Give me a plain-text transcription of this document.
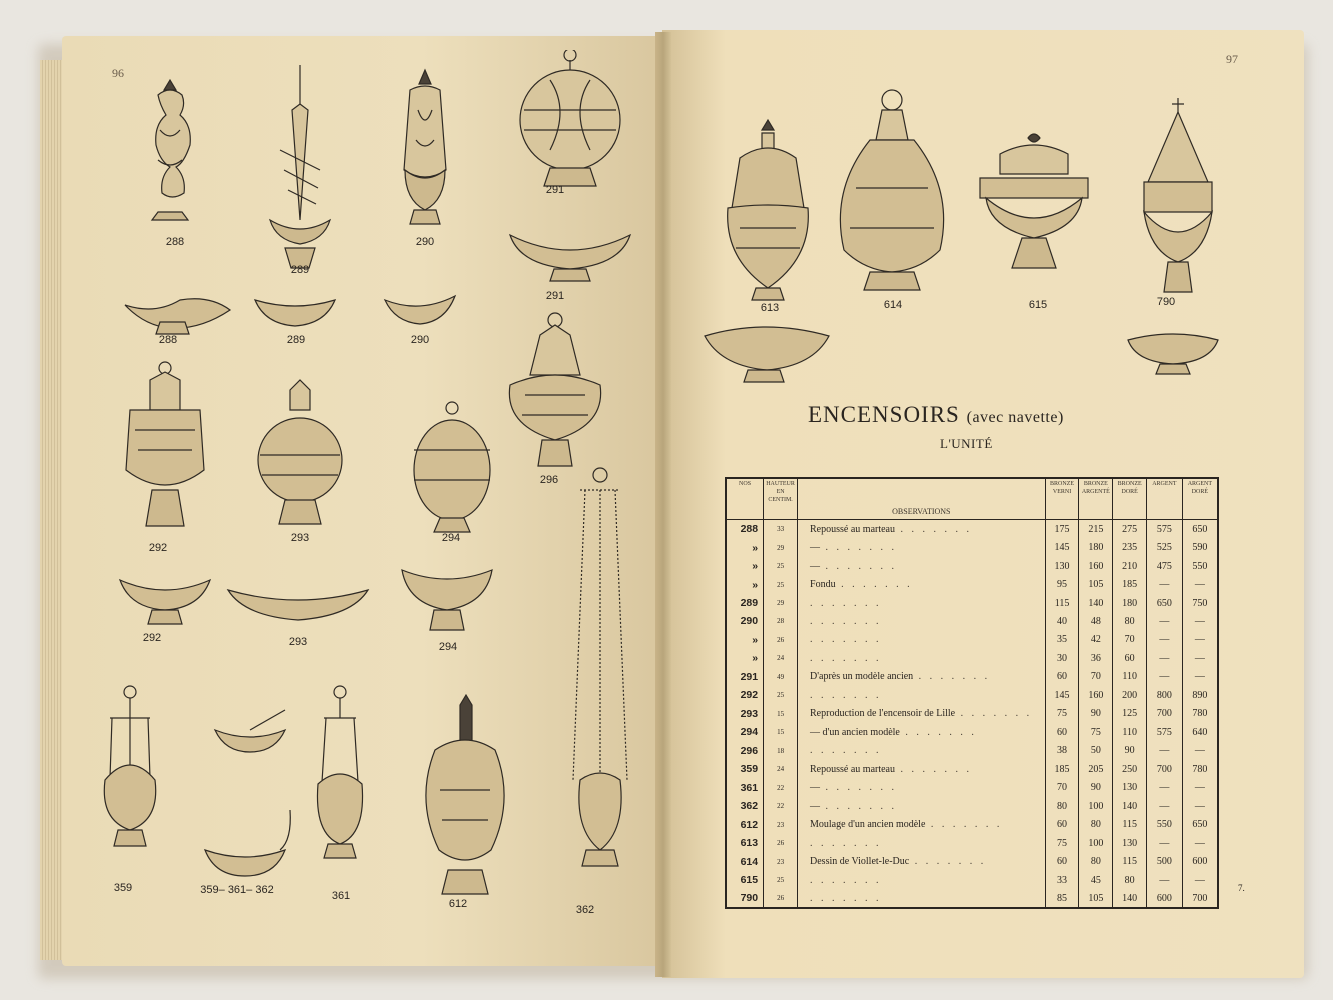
96
97
288
289
290
291
291
288	289	290
292
293	294
296
292	293	294
359	359– 361– 362	361
612	362
613	614	615	790
ENCENSOIRS (avec navette)
L'UNITÉ
NOS	HAUTEUR EN CENTIM.	OBSERVATIONS	BRONZE VERNI	BRONZE ARGENTÉ	BRONZE DORÉ	ARGENT	ARGENT DORÉ
288	33	Repoussé au marteau . . . . . . .	175	215	275	575	650
»	29	— . . . . . . .	145	180	235	525	590
»	25	— . . . . . . .	130	160	210	475	550
»	25	Fondu . . . . . . .	95	105	185	—	—
289	29	. . . . . . .	115	140	180	650	750
290	28	. . . . . . .	40	48	80	—	—
»	26	. . . . . . .	35	42	70	—	—
»	24	. . . . . . .	30	36	60	—	—
291	49	D'après un modèle ancien . . . . . . .	60	70	110	—	—
292	25	. . . . . . .	145	160	200	800	890
293	15	Reproduction de l'encensoir de Lille . . . . . . .	75	90	125	700	780
294	15	— d'un ancien modèle . . . . . . .	60	75	110	575	640
296	18	. . . . . . .	38	50	90	—	—
359	24	Repoussé au marteau . . . . . . .	185	205	250	700	780
361	22	— . . . . . . .	70	90	130	—	—
362	22	— . . . . . . .	80	100	140	—	—
612	23	Moulage d'un ancien modèle . . . . . . .	60	80	115	550	650
613	26	. . . . . . .	75	100	130	—	—
614	23	Dessin de Viollet-le-Duc . . . . . . .	60	80	115	500	600
615	25	. . . . . . .	33	45	80	—	—
790	26	. . . . . . .	85	105	140	600	700
7.
